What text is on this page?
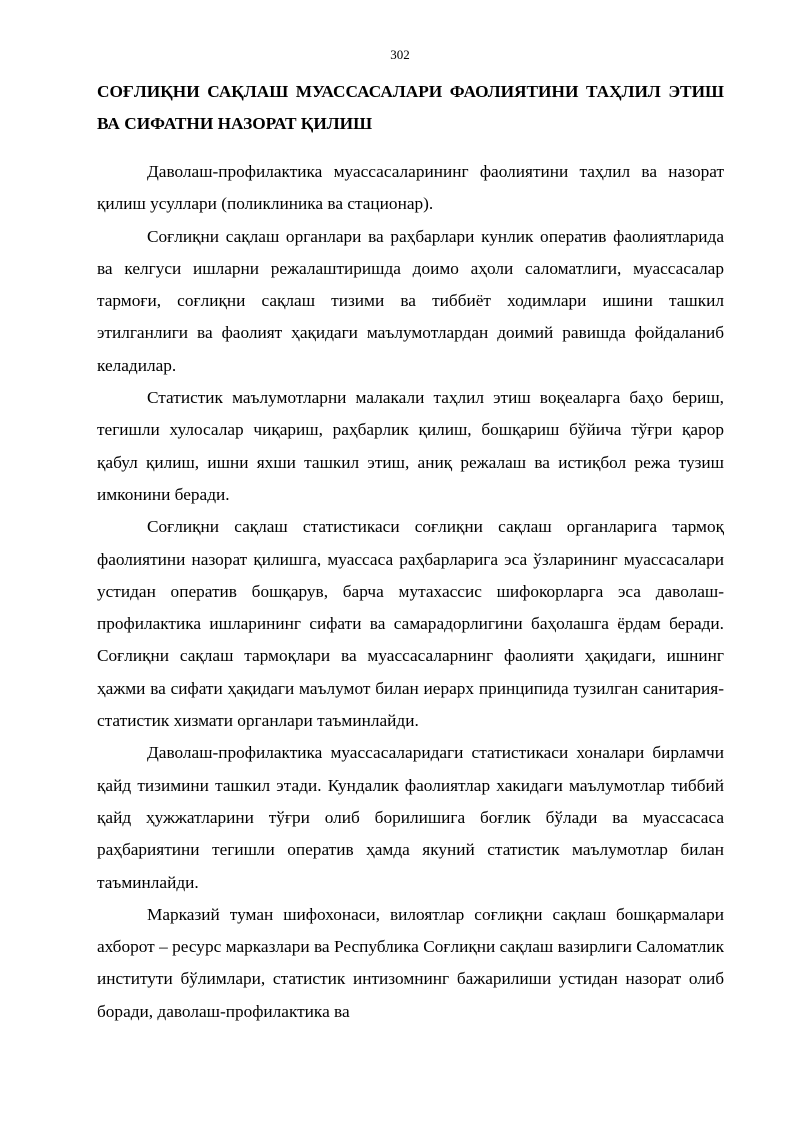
302
СОҒЛИҚНИ САҚЛАШ МУАССАСАЛАРИ ФАОЛИЯТИНИ ТАҲЛИЛ ЭТИШ ВА СИФАТНИ НАЗОРАТ ҚИЛИШ

Даволаш-профилактика муассасаларининг фаолиятини таҳлил ва назорат қилиш усуллари (поликлиника ва стационар).

Соғлиқни сақлаш органлари ва раҳбарлари кунлик оператив фаолиятларида ва келгуси ишларни режалаштиришда доимо аҳоли саломатлиги, муассасалар тармоғи, соғлиқни сақлаш тизими ва тиббиёт ходимлари ишини ташкил этилганлиги ва фаолият ҳақидаги маълумотлардан доимий равишда фойдаланиб келадилар.

Статистик маълумотларни малакали таҳлил этиш воқеаларга баҳо бериш, тегишли хулосалар чиқариш, раҳбарлик қилиш, бошқариш бўйича тўғри қарор қабул қилиш, ишни яхши ташкил этиш, аниқ режалаш ва истиқбол режа тузиш имконини беради.

Соғлиқни сақлаш статистикаси соғлиқни сақлаш органларига тармоқ фаолиятини назорат қилишга, муассаса раҳбарларига эса ўзларининг муассасалари устидан оператив бошқарув, барча мутахассис шифокорларга эса даволаш-профилактика ишларининг сифати ва самарадорлигини баҳолашга ёрдам беради. Соғлиқни сақлаш тармоқлари ва муассасаларнинг фаолияти ҳақидаги, ишнинг ҳажми ва сифати ҳақидаги маълумот билан иерарх принципида тузилган санитария-статистик хизмати органлари таъминлайди.

Даволаш-профилактика муассасаларидаги статистикаси хоналари бирламчи қайд тизимини ташкил этади. Кундалик фаолиятлар хакидаги маълумотлар тиббий қайд ҳужжатларини тўғри олиб борилишига боғлик бўлади ва муассасаса раҳбариятини тегишли оператив ҳамда якуний статистик маълумотлар билан таъминлайди.

Марказий туман шифохонаси, вилоятлар соғлиқни сақлаш бошқармалари ахборот – ресурс марказлари ва Республика Соғлиқни сақлаш вазирлиги Саломатлик институти бўлимлари, статистик интизомнинг бажарилиши устидан назорат олиб боради, даволаш-профилактика ва
